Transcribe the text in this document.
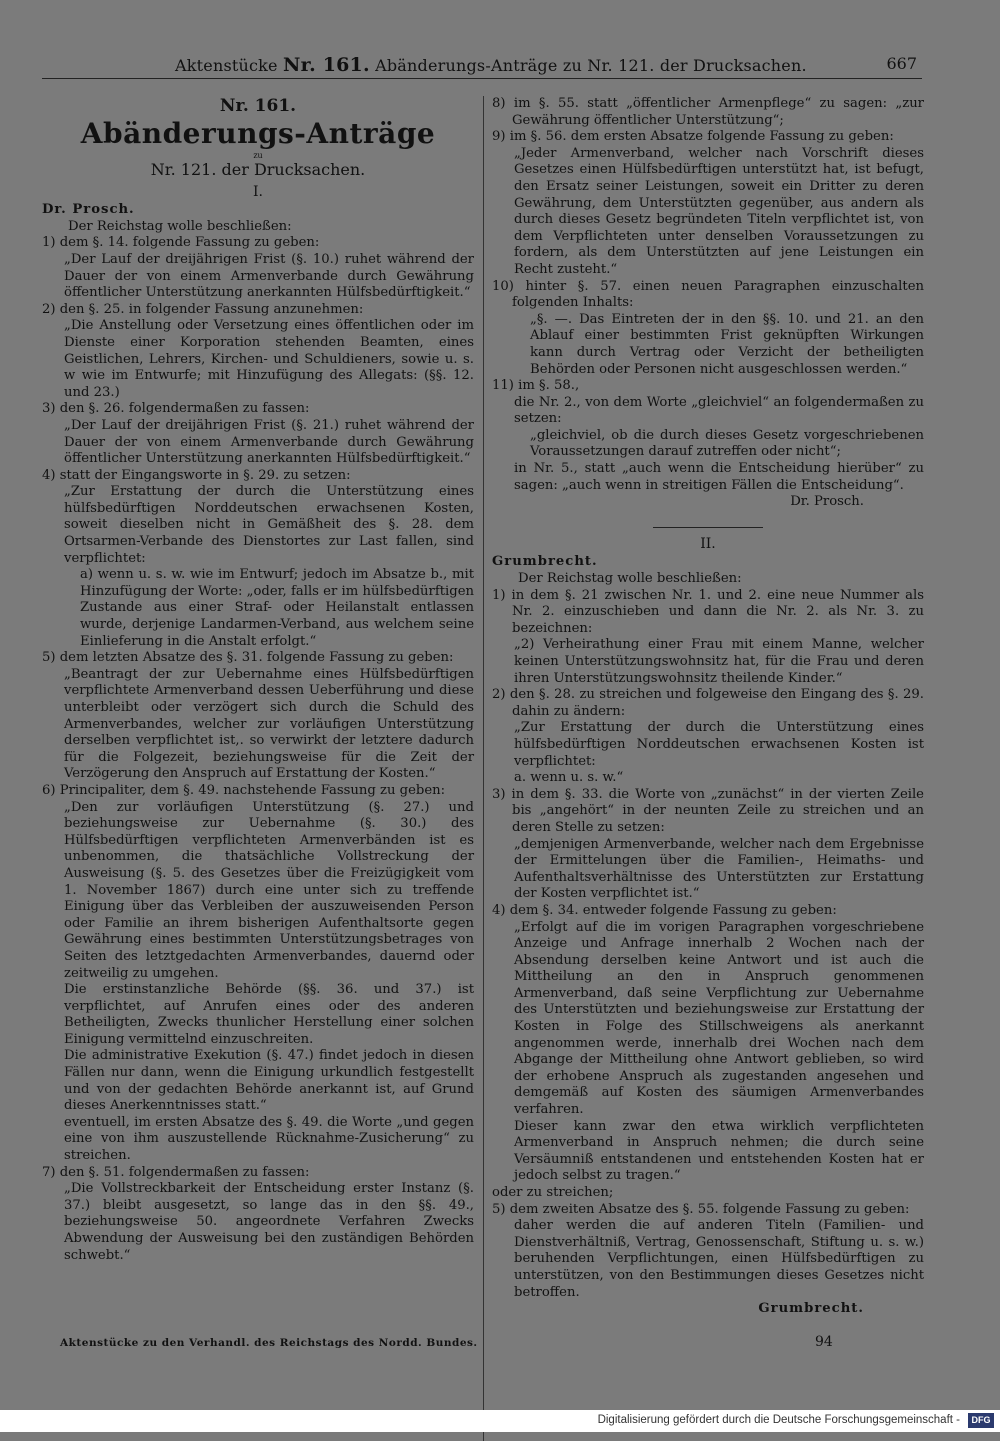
Aktenstücke Nr. 161. Abänderungs-Anträge zu Nr. 121. der Drucksachen.	667
Nr. 161.
Abänderungs-Anträge
zu
Nr. 121. der Drucksachen.
I.

Dr. Prosch.

Der Reichstag wolle beschließen:

1) dem §. 14. folgende Fassung zu geben:

„Der Lauf der dreijährigen Frist (§. 10.) ruhet während der Dauer der von einem Armenverbande durch Gewährung öffentlicher Unterstützung anerkannten Hülfsbedürftigkeit.“

2) den §. 25. in folgender Fassung anzunehmen:

„Die Anstellung oder Versetzung eines öffentlichen oder im Dienste einer Korporation stehenden Beamten, eines Geistlichen, Lehrers, Kirchen- und Schuldieners, sowie u. s. w wie im Entwurfe; mit Hinzufügung des Allegats: (§§. 12. und 23.)

3) den §. 26. folgendermaßen zu fassen:

„Der Lauf der dreijährigen Frist (§. 21.) ruhet während der Dauer der von einem Armenverbande durch Gewährung öffentlicher Unterstützung anerkannten Hülfsbedürftigkeit.“

4) statt der Eingangsworte in §. 29. zu setzen:

„Zur Erstattung der durch die Unterstützung eines hülfsbedürftigen Norddeutschen erwachsenen Kosten, soweit dieselben nicht in Gemäßheit des §. 28. dem Ortsarmen-Verbande des Dienstortes zur Last fallen, sind verpflichtet:

a) wenn u. s. w. wie im Entwurf; jedoch im Absatze b., mit Hinzufügung der Worte: „oder, falls er im hülfsbedürftigen Zustande aus einer Straf- oder Heilanstalt entlassen wurde, derjenige Landarmen-Verband, aus welchem seine Einlieferung in die Anstalt erfolgt.“

5) dem letzten Absatze des §. 31. folgende Fassung zu geben:

„Beantragt der zur Uebernahme eines Hülfsbedürftigen verpflichtete Armenverband dessen Ueberführung und diese unterbleibt oder verzögert sich durch die Schuld des Armenverbandes, welcher zur vorläufigen Unterstützung derselben verpflichtet ist,. so verwirkt der letztere dadurch für die Folgezeit, beziehungsweise für die Zeit der Verzögerung den Anspruch auf Erstattung der Kosten.“

6) Principaliter, dem §. 49. nachstehende Fassung zu geben:

„Den zur vorläufigen Unterstützung (§. 27.) und beziehungsweise zur Uebernahme (§. 30.) des Hülfsbedürftigen verpflichteten Armenverbänden ist es unbenommen, die thatsächliche Vollstreckung der Ausweisung (§. 5. des Gesetzes über die Freizügigkeit vom 1. November 1867) durch eine unter sich zu treffende Einigung über das Verbleiben der auszuweisenden Person oder Familie an ihrem bisherigen Aufenthaltsorte gegen Gewährung eines bestimmten Unterstützungsbetrages von Seiten des letztgedachten Armenverbandes, dauernd oder zeitweilig zu umgehen.

Die erstinstanzliche Behörde (§§. 36. und 37.) ist verpflichtet, auf Anrufen eines oder des anderen Betheiligten, Zwecks thunlicher Herstellung einer solchen Einigung vermittelnd einzuschreiten.

Die administrative Exekution (§. 47.) findet jedoch in diesen Fällen nur dann, wenn die Einigung urkundlich festgestellt und von der gedachten Behörde anerkannt ist, auf Grund dieses Anerkenntnisses statt.“

eventuell, im ersten Absatze des §. 49. die Worte „und gegen eine von ihm auszustellende Rücknahme-Zusicherung“ zu streichen.

7) den §. 51. folgendermaßen zu fassen:

„Die Vollstreckbarkeit der Entscheidung erster Instanz (§. 37.) bleibt ausgesetzt, so lange das in den §§. 49., beziehungsweise 50. angeordnete Verfahren Zwecks Abwendung der Ausweisung bei den zuständigen Behörden schwebt.“

8) im §. 55. statt „öffentlicher Armenpflege“ zu sagen: „zur Gewährung öffentlicher Unterstützung“;

9) im §. 56. dem ersten Absatze folgende Fassung zu geben:

„Jeder Armenverband, welcher nach Vorschrift dieses Gesetzes einen Hülfsbedürftigen unterstützt hat, ist befugt, den Ersatz seiner Leistungen, soweit ein Dritter zu deren Gewährung, dem Unterstützten gegenüber, aus andern als durch dieses Gesetz begründeten Titeln verpflichtet ist, von dem Verpflichteten unter denselben Voraussetzungen zu fordern, als dem Unterstützten auf jene Leistungen ein Recht zusteht.“

10) hinter §. 57. einen neuen Paragraphen einzuschalten folgenden Inhalts:

„§. —. Das Eintreten der in den §§. 10. und 21. an den Ablauf einer bestimmten Frist geknüpften Wirkungen kann durch Vertrag oder Verzicht der betheiligten Behörden oder Personen nicht ausgeschlossen werden.“

11) im §. 58.,

die Nr. 2., von dem Worte „gleichviel“ an folgendermaßen zu setzen:

„gleichviel, ob die durch dieses Gesetz vorgeschriebenen Voraussetzungen darauf zutreffen oder nicht“;

in Nr. 5., statt „auch wenn die Entscheidung hierüber“ zu sagen: „auch wenn in streitigen Fällen die Entscheidung“.

Dr. Prosch.

II.

Grumbrecht.

Der Reichstag wolle beschließen:

1) in dem §. 21 zwischen Nr. 1. und 2. eine neue Nummer als Nr. 2. einzuschieben und dann die Nr. 2. als Nr. 3. zu bezeichnen:

„2) Verheirathung einer Frau mit einem Manne, welcher keinen Unterstützungswohnsitz hat, für die Frau und deren ihren Unterstützungswohnsitz theilende Kinder.“

2) den §. 28. zu streichen und folgeweise den Eingang des §. 29. dahin zu ändern:

„Zur Erstattung der durch die Unterstützung eines hülfsbedürftigen Norddeutschen erwachsenen Kosten ist verpflichtet:

a. wenn u. s. w.“

3) in dem §. 33. die Worte von „zunächst“ in der vierten Zeile bis „angehört“ in der neunten Zeile zu streichen und an deren Stelle zu setzen:

„demjenigen Armenverbande, welcher nach dem Ergebnisse der Ermittelungen über die Familien-, Heimaths- und Aufenthaltsverhältnisse des Unterstützten zur Erstattung der Kosten verpflichtet ist.“

4) dem §. 34. entweder folgende Fassung zu geben:

„Erfolgt auf die im vorigen Paragraphen vorgeschriebene Anzeige und Anfrage innerhalb 2 Wochen nach der Absendung derselben keine Antwort und ist auch die Mittheilung an den in Anspruch genommenen Armenverband, daß seine Verpflichtung zur Uebernahme des Unterstützten und beziehungsweise zur Erstattung der Kosten in Folge des Stillschweigens als anerkannt angenommen werde, innerhalb drei Wochen nach dem Abgange der Mittheilung ohne Antwort geblieben, so wird der erhobene Anspruch als zugestanden angesehen und demgemäß auf Kosten des säumigen Armenverbandes verfahren.

Dieser kann zwar den etwa wirklich verpflichteten Armenverband in Anspruch nehmen; die durch seine Versäumniß entstandenen und entstehenden Kosten hat er jedoch selbst zu tragen.“

oder zu streichen;

5) dem zweiten Absatze des §. 55. folgende Fassung zu geben:

daher werden die auf anderen Titeln (Familien- und Dienstverhältniß, Vertrag, Genossenschaft, Stiftung u. s. w.) beruhenden Verpflichtungen, einen Hülfsbedürftigen zu unterstützen, von den Bestimmungen dieses Gesetzes nicht betroffen.

Grumbrecht.

Aktenstücke zu den Verhandl. des Reichstags des Nordd. Bundes.	94
Digitalisierung gefördert durch die Deutsche Forschungsgemeinschaft -	DFG
